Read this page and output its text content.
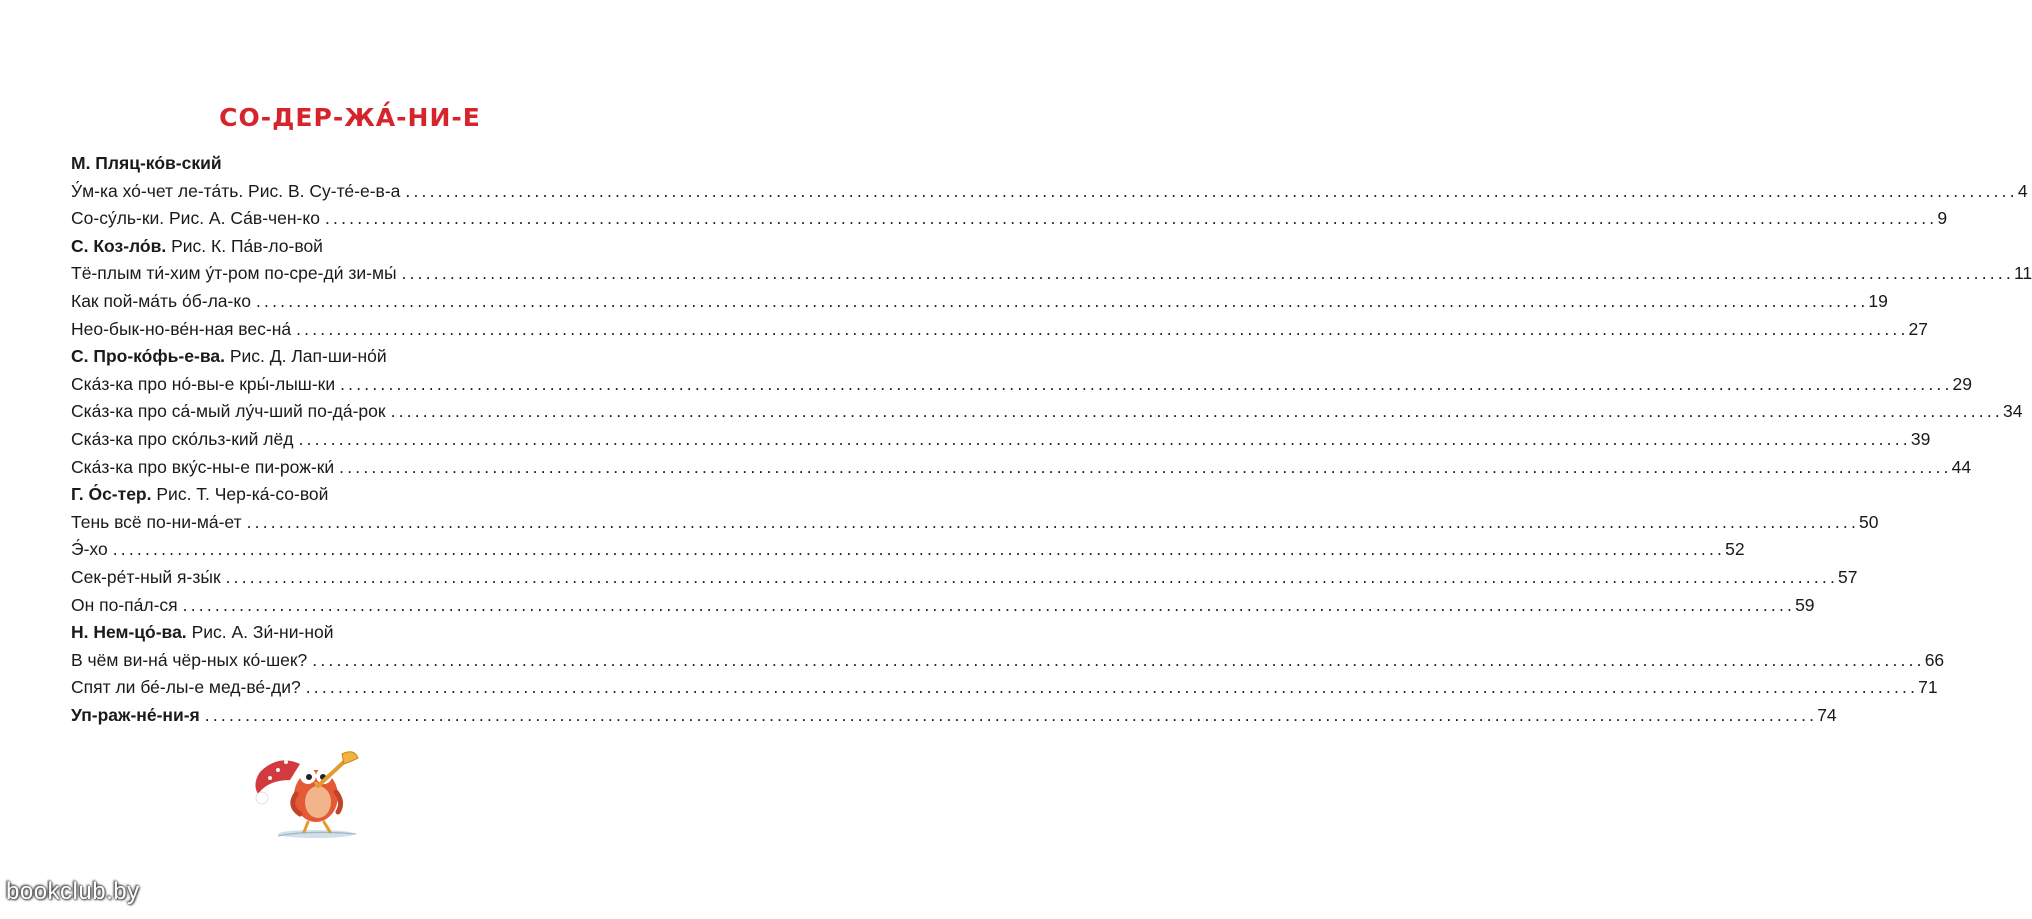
СО-ДЕР-ЖА́-НИ-Е
М. Пляц-ко́в-ский
У́м-ка хо́-чет ле-та́ть. Рис. В. Су-те́-е-в-а ........................................................................................................................................................................................................ 4
Со-су́ль-ки. Рис. А. Са́в-чен-ко ........................................................................................................................................................................................................ 9
С. Коз-ло́в. Рис. К. Па́в-ло-вой
Тё-плым ти́-хим у́т-ром по-сре-ди́ зи-мы́ ........................................................................................................................................................................................................ 11
Как пой-ма́ть о́б-ла-ко ........................................................................................................................................................................................................ 19
Нео-бык-но-ве́н-ная вес-на́ ........................................................................................................................................................................................................ 27
С. Про-ко́фь-е-ва. Рис. Д. Лап-ши-но́й
Ска́з-ка про но́-вы-е кры́-лыш-ки ........................................................................................................................................................................................................ 29
Ска́з-ка про са́-мый лу́ч-ший по-да́-рок ........................................................................................................................................................................................................ 34
Ска́з-ка про ско́льз-кий лёд ........................................................................................................................................................................................................ 39
Ска́з-ка про вку́с-ны-е пи-рож-ки́ ........................................................................................................................................................................................................ 44
Г. О́с-тер. Рис. Т. Чер-ка́-со-вой
Тень всё по-ни-ма́-ет ........................................................................................................................................................................................................ 50
Э́-хо ........................................................................................................................................................................................................ 52
Сек-ре́т-ный я-зы́к ........................................................................................................................................................................................................ 57
Он по-па́л-ся ........................................................................................................................................................................................................ 59
Н. Нем-цо́-ва. Рис. А. Зи́-ни-ной
В чём ви-на́ чёр-ных ко́-шек? ........................................................................................................................................................................................................ 66
Спят ли бе́-лы-е мед-ве́-ди? ........................................................................................................................................................................................................ 71
Уп-раж-не́-ни-я ........................................................................................................................................................................................................ 74
bookclub.by
